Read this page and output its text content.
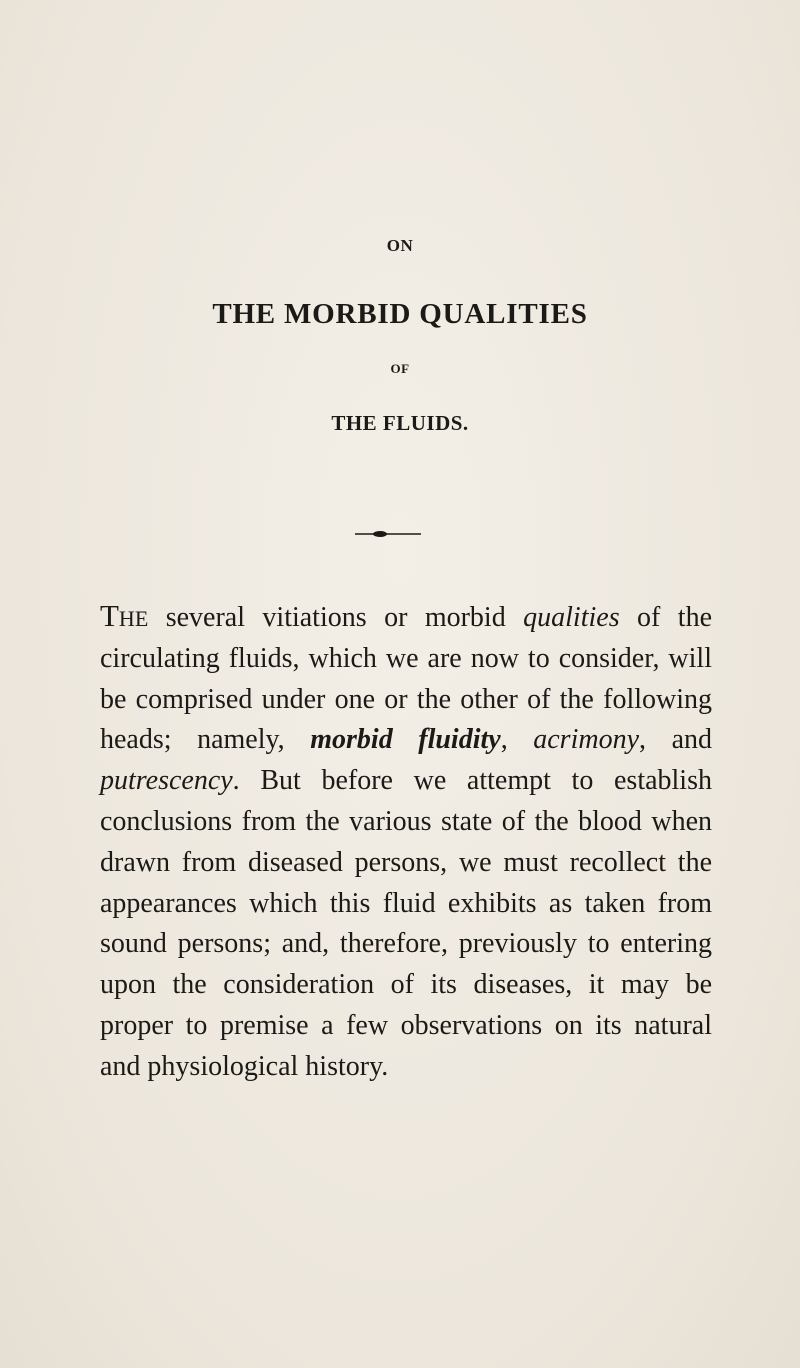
ON
THE MORBID QUALITIES
OF
THE FLUIDS.
The several vitiations or morbid qualities of the circulating fluids, which we are now to consider, will be comprised under one or the other of the following heads; namely, morbid fluidity, acrimony, and putrescency. But before we attempt to establish conclusions from the various state of the blood when drawn from diseased persons, we must recollect the appearances which this fluid exhibits as taken from sound persons; and, therefore, previously to entering upon the consideration of its diseases, it may be proper to premise a few observations on its natural and physiological history.
